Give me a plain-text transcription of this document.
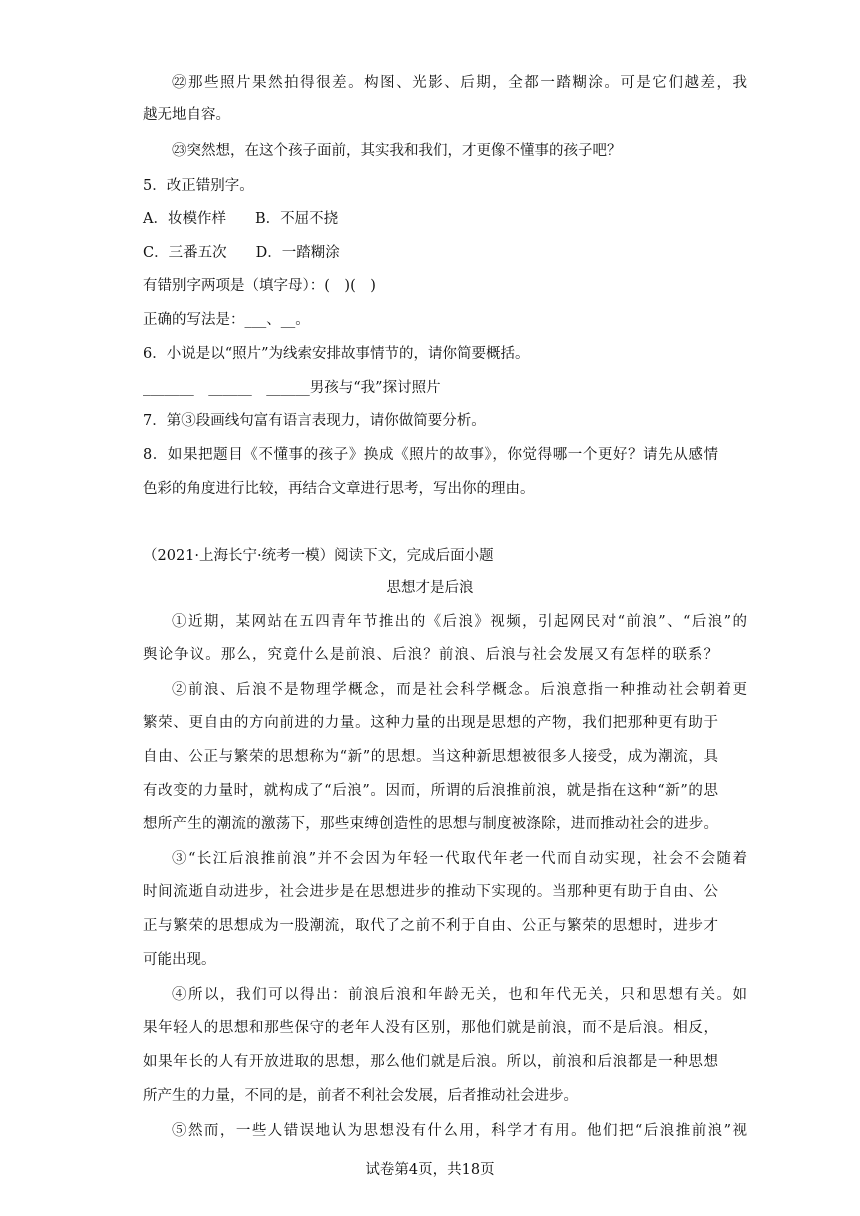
㉒那些照片果然拍得很差。构图、光影、后期，全都一踏糊涂。可是它们越差，我
越无地自容。
㉓突然想，在这个孩子面前，其实我和我们，才更像不懂事的孩子吧？
5．改正错别字。
A．妆模作样　　B．不屈不挠
C．三番五次　　D．一踏糊涂
有错别字两项是（填字母）：(　)(　)
正确的写法是：___、__。
6．小说是以“照片”为线索安排故事情节的，请你简要概括。
_______　______　______男孩与“我”探讨照片
7．第③段画线句富有语言表现力，请你做简要分析。
8．如果把题目《不懂事的孩子》换成《照片的故事》，你觉得哪一个更好？请先从感情
色彩的角度进行比较，再结合文章进行思考，写出你的理由。
（2021·上海长宁·统考一模）阅读下文，完成后面小题
思想才是后浪
①近期，某网站在五四青年节推出的《后浪》视频，引起网民对“前浪”、“后浪”的
舆论争议。那么，究竟什么是前浪、后浪？前浪、后浪与社会发展又有怎样的联系？
②前浪、后浪不是物理学概念，而是社会科学概念。后浪意指一种推动社会朝着更
繁荣、更自由的方向前进的力量。这种力量的出现是思想的产物，我们把那种更有助于
自由、公正与繁荣的思想称为“新”的思想。当这种新思想被很多人接受，成为潮流，具
有改变的力量时，就构成了“后浪”。因而，所谓的后浪推前浪，就是指在这种“新”的思
想所产生的潮流的激荡下，那些束缚创造性的思想与制度被涤除，进而推动社会的进步。
③“长江后浪推前浪”并不会因为年轻一代取代年老一代而自动实现，社会不会随着
时间流逝自动进步，社会进步是在思想进步的推动下实现的。当那种更有助于自由、公
正与繁荣的思想成为一股潮流，取代了之前不利于自由、公正与繁荣的思想时，进步才
可能出现。
④所以，我们可以得出：前浪后浪和年龄无关，也和年代无关，只和思想有关。如
果年轻人的思想和那些保守的老年人没有区别，那他们就是前浪，而不是后浪。相反，
如果年长的人有开放进取的思想，那么他们就是后浪。所以，前浪和后浪都是一种思想
所产生的力量，不同的是，前者不利社会发展，后者推动社会进步。
⑤然而，一些人错误地认为思想没有什么用，科学才有用。他们把“后浪推前浪”视
试卷第4页，共18页
